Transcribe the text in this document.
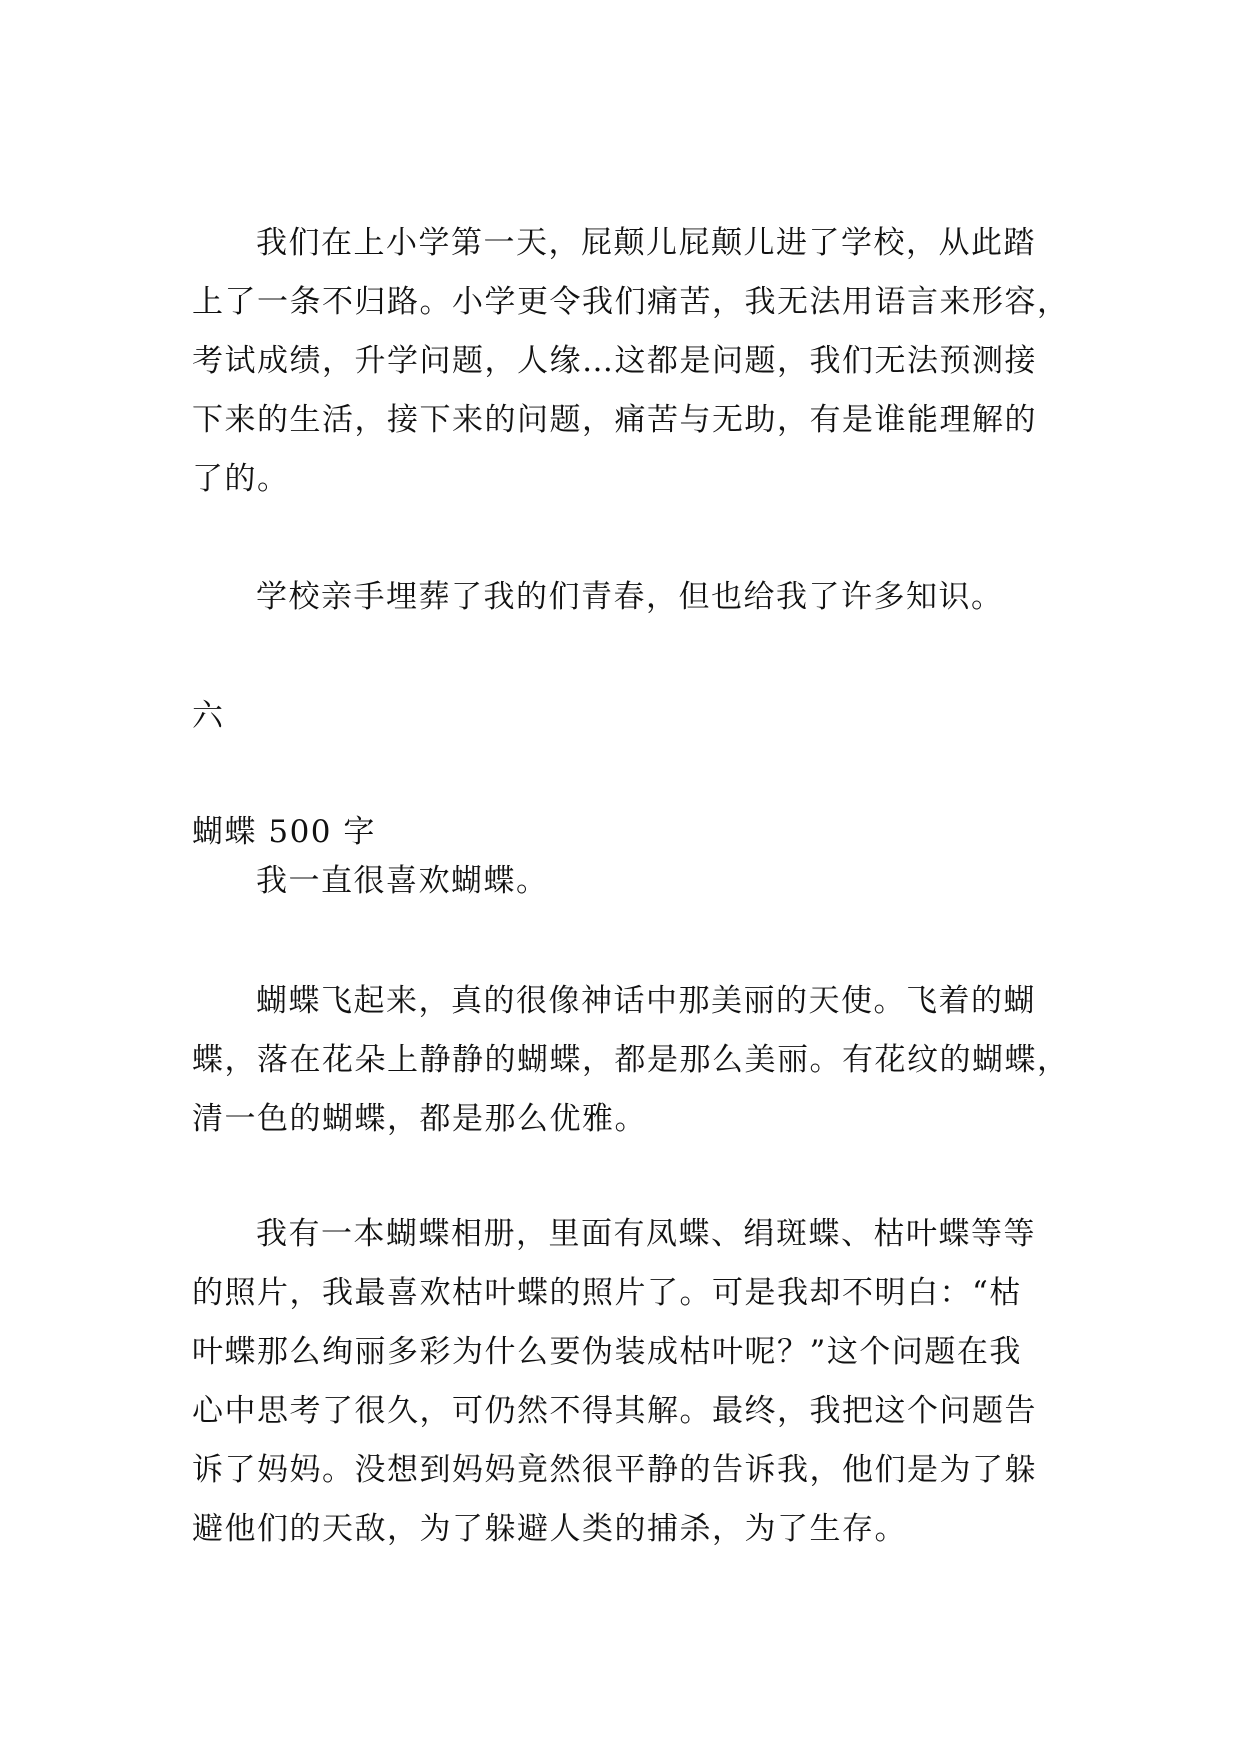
我们在上小学第一天，屁颠儿屁颠儿进了学校，从此踏
上了一条不归路。小学更令我们痛苦，我无法用语言来形容，
考试成绩，升学问题，人缘…这都是问题，我们无法预测接
下来的生活，接下来的问题，痛苦与无助，有是谁能理解的
了的。

学校亲手埋葬了我的们青春，但也给我了许多知识。

六

蝴蝶 500 字

我一直很喜欢蝴蝶。

蝴蝶飞起来，真的很像神话中那美丽的天使。飞着的蝴
蝶，落在花朵上静静的蝴蝶，都是那么美丽。有花纹的蝴蝶，
清一色的蝴蝶，都是那么优雅。

我有一本蝴蝶相册，里面有凤蝶、绢斑蝶、枯叶蝶等等
的照片，我最喜欢枯叶蝶的照片了。可是我却不明白：“枯
叶蝶那么绚丽多彩为什么要伪装成枯叶呢？”这个问题在我
心中思考了很久，可仍然不得其解。最终，我把这个问题告
诉了妈妈。没想到妈妈竟然很平静的告诉我，他们是为了躲
避他们的天敌，为了躲避人类的捕杀，为了生存。
